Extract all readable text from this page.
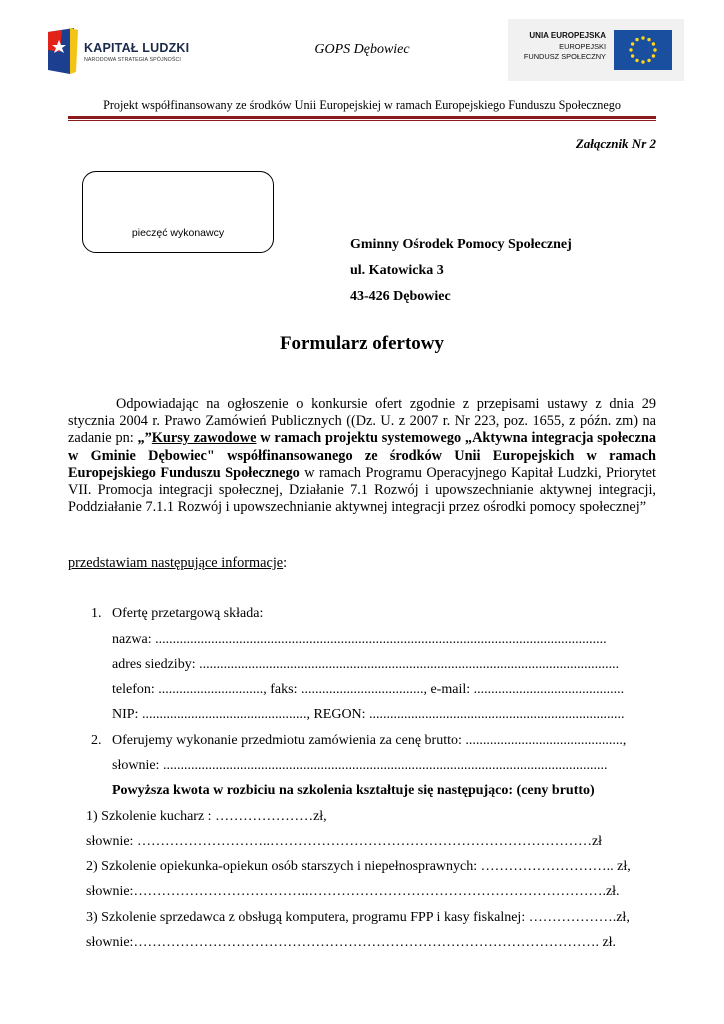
KAPITAŁ LUDZKI
NARODOWA STRATEGIA SPÓJNOŚCI
GOPS Dębowiec
UNIA EUROPEJSKA
EUROPEJSKI
FUNDUSZ SPOŁECZNY
Projekt współfinansowany ze środków Unii Europejskiej w ramach Europejskiego Funduszu Społecznego
Załącznik Nr 2
pieczęć wykonawcy
Gminny Ośrodek Pomocy Społecznej
ul. Katowicka 3
43-426 Dębowiec
Formularz ofertowy

Odpowiadając na ogłoszenie o konkursie ofert zgodnie z przepisami ustawy z dnia 29 stycznia 2004 r. Prawo Zamówień Publicznych ((Dz. U. z 2007 r. Nr 223, poz. 1655, z późn. zm) na zadanie pn: „”Kursy zawodowe w ramach projektu systemowego „Aktywna integracja społeczna w Gminie Dębowiec" współfinansowanego ze środków Unii Europejskich w ramach Europejskiego Funduszu Społecznego w ramach Programu Operacyjnego Kapitał Ludzki, Priorytet VII. Promocja integracji społecznej, Działanie 7.1 Rozwój i upowszechnianie aktywnej integracji, Poddziałanie 7.1.1 Rozwój i upowszechnianie aktywnej integracji przez ośrodki pomocy społecznej”

przedstawiam następujące informacje:
1. Ofertę przetargową składa:
nazwa: .................................................................................................................................
adres siedziby: ........................................................................................................................
telefon: .............................., faks: ..................................., e-mail: ...........................................
NIP: ..............................................., REGON: .........................................................................
2. Oferujemy wykonanie przedmiotu zamówienia za cenę brutto: .............................................,
słownie: ...............................................................................................................................
Powyższa kwota w rozbiciu na szkolenia kształtuje się następująco: (ceny brutto)
1) Szkolenie kucharz : …………………zł,
słownie: ………………………..……………………………………………………………zł
2) Szkolenie opiekunka-opiekun osób starszych i niepełnosprawnych: ……………………….. zł,
słownie:………………………………..……………………………………………………….zł.
3) Szkolenie sprzedawca z obsługą komputera, programu FPP i kasy fiskalnej: ……………….zł,
słownie:………………………………………………………………………………………. zł.
